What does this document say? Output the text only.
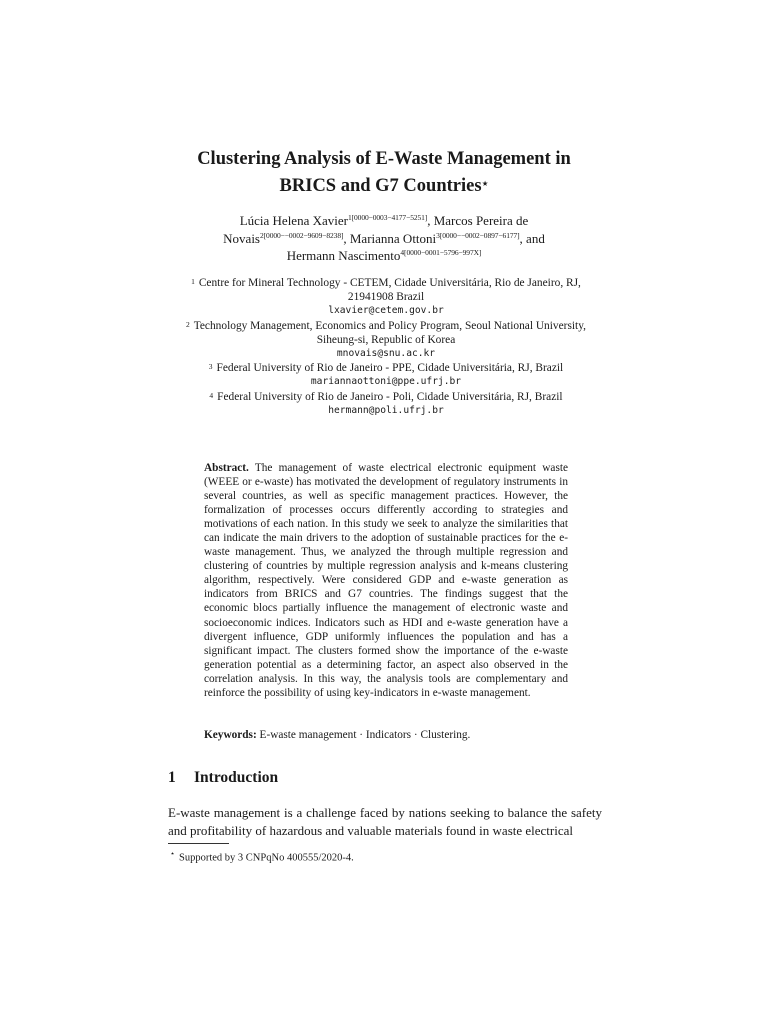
Clustering Analysis of E-Waste Management in
BRICS and G7 Countries⋆
Lúcia Helena Xavier$^{1[0000-0003-4177-5251]}$, Marcos Pereira de
Novais$^{2[0000--0002-9609-8238]}$, Marianna Ottoni$^{3[0000--0002-0897-6177]}$, and
Hermann Nascimento$^{4[0000-0001-5796-997X]}$
$^1$ Centre for Mineral Technology - CETEM, Cidade Universitária, Rio de Janeiro, RJ, 21941908 Brazil
lxavier@cetem.gov.br
$^2$ Technology Management, Economics and Policy Program, Seoul National University, Siheung-si, Republic of Korea
mnovais@snu.ac.kr
$^3$ Federal University of Rio de Janeiro - PPE, Cidade Universitária, RJ, Brazil
mariannaottoni@ppe.ufrj.br
$^4$ Federal University of Rio de Janeiro - Poli, Cidade Universitária, RJ, Brazil
hermann@poli.ufrj.br
Abstract. The management of waste electrical electronic equipment waste (WEEE or e-waste) has motivated the development of regulatory instruments in several countries, as well as specific management practices. However, the formalization of processes occurs differently according to strategies and motivations of each nation. In this study we seek to analyze the similarities that can indicate the main drivers to the adoption of sustainable practices for the e-waste management. Thus, we analyzed the through multiple regression and clustering of countries by multiple regression analysis and k-means clustering algorithm, respectively. Were considered GDP and e-waste generation as indicators from BRICS and G7 countries. The findings suggest that the economic blocs partially influence the management of electronic waste and socioeconomic indices. Indicators such as HDI and e-waste generation have a divergent influence, GDP uniformly influences the population and has a significant impact. The clusters formed show the importance of the e-waste generation potential as a determining factor, an aspect also observed in the correlation analysis. In this way, the analysis tools are complementary and reinforce the possibility of using key-indicators in e-waste management.
Keywords: E-waste management · Indicators · Clustering.
1 Introduction
E-waste management is a challenge faced by nations seeking to balance the safety and profitability of hazardous and valuable materials found in waste electrical
⋆ Supported by 3 CNPqNo 400555/2020-4.
